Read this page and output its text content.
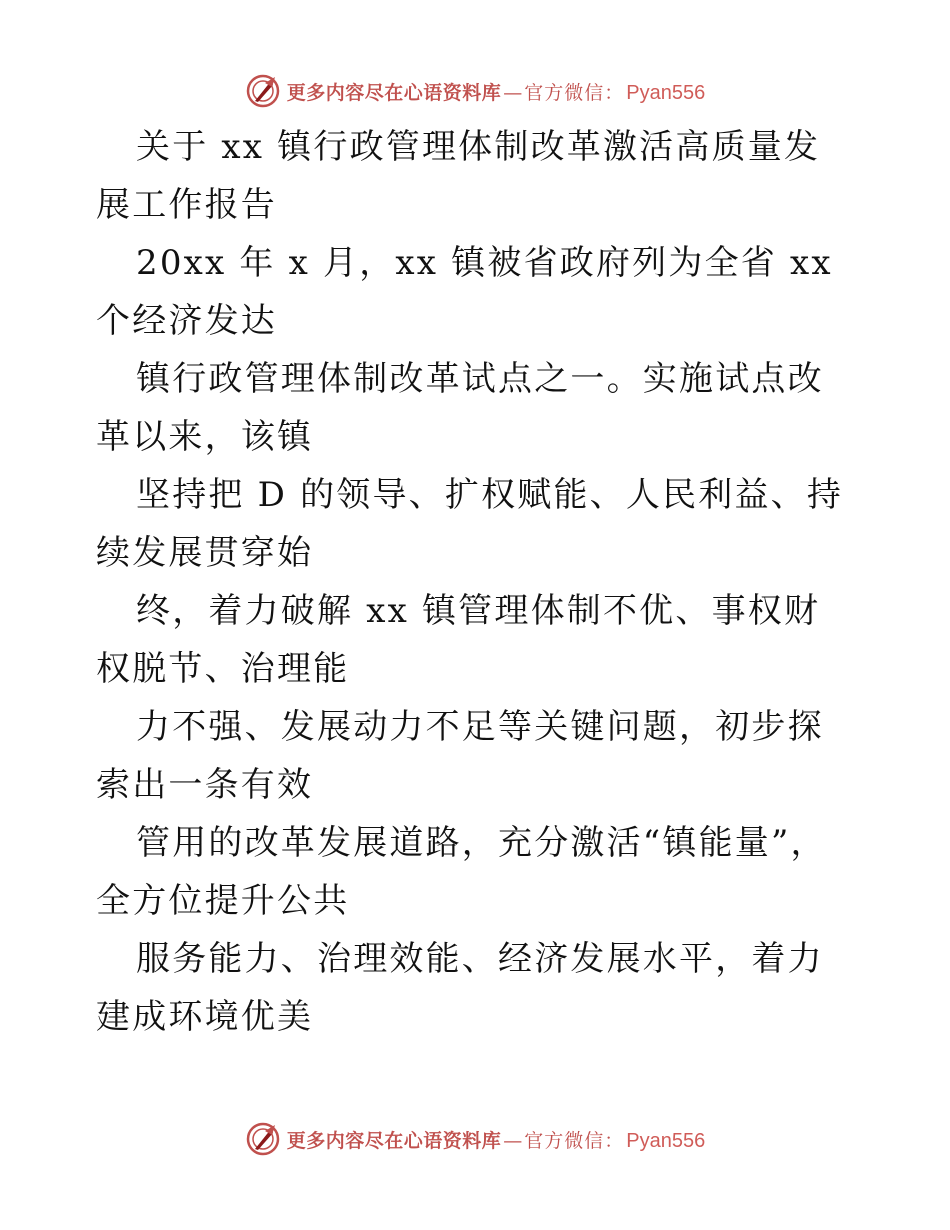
更多内容尽在心语资料库 — 官方微信： Pyan556

关于 xx 镇行政管理体制改革激活高质量发展工作报告

20xx 年 x 月，xx 镇被省政府列为全省 xx 个经济发达

镇行政管理体制改革试点之一。实施试点改革以来，该镇

坚持把 D 的领导、扩权赋能、人民利益、持续发展贯穿始

终，着力破解 xx 镇管理体制不优、事权财权脱节、治理能

力不强、发展动力不足等关键问题，初步探索出一条有效

管用的改革发展道路，充分激活“镇能量”，全方位提升公共

服务能力、治理效能、经济发展水平，着力建成环境优美

更多内容尽在心语资料库 — 官方微信： Pyan556
